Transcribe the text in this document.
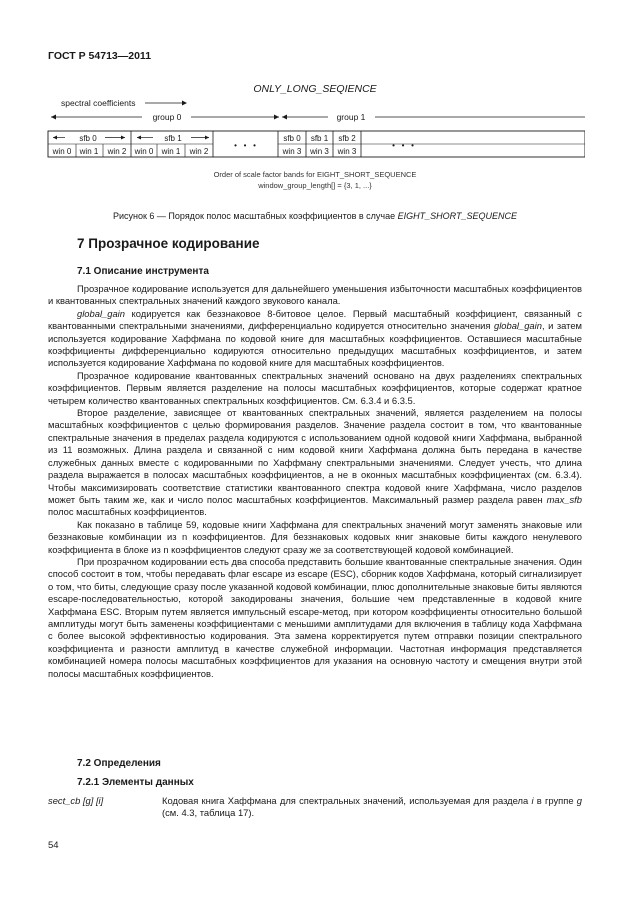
ГОСТ Р 54713—2011
ONLY_LONG_SEQIENCE
spectral coefficients
group 0	group 1
sfb 0	sfb 1
win 0 win 1 win 2 win 0 win 1 win 2
•   •   •	•   •   •
sfb 0 sfb 1 sfb 2
win 3 win 3 win 3
Order of scale factor bands for EIGHT_SHORT_SEQUENCE
window_group_length[] = {3, 1, ...}
Рисунок 6 — Порядок полос масштабных коэффициентов в случае EIGHT_SHORT_SEQUENCE
7 Прозрачное кодирование
7.1 Описание инструмента

Прозрачное кодирование используется для дальнейшего уменьшения избыточности масштабных коэффициентов и квантованных спектральных значений каждого звукового канала.

global_gain кодируется как беззнаковое 8-битовое целое. Первый масштабный коэффициент, связанный с квантованными спектральными значениями, дифференциально кодируется относительно значения global_gain, и затем используется кодирование Хаффмана по кодовой книге для масштабных коэффициентов. Оставшиеся масштабные коэффициенты дифференциально кодируются относительно предыдущих масштабных коэффициентов, и затем используется кодирование Хаффмана по кодовой книге для масштабных коэффициентов.

Прозрачное кодирование квантованных спектральных значений основано на двух разделениях спектральных коэффициентов. Первым является разделение на полосы масштабных коэффициентов, которые содержат кратное четырем количество квантованных спектральных коэффициентов. См. 6.3.4 и 6.3.5.

Второе разделение, зависящее от квантованных спектральных значений, является разделением на полосы масштабных коэффициентов с целью формирования разделов. Значение раздела состоит в том, что квантованные спектральные значения в пределах раздела кодируются с использованием одной кодовой книги Хаффмана, выбранной из 11 возможных. Длина раздела и связанной с ним кодовой книги Хаффмана должна быть передана в качестве служебных данных вместе с кодированными по Хаффману спектральными значениями. Следует учесть, что длина раздела выражается в полосах масштабных коэффициентов, а не в оконных масштабных коэффициентах (см. 6.3.4). Чтобы максимизировать соответствие статистики квантованного спектра кодовой книге Хаффмана, число разделов может быть таким же, как и число полос масштабных коэффициентов. Максимальный размер раздела равен max_sfb полос масштабных коэффициентов.

Как показано в таблице 59, кодовые книги Хаффмана для спектральных значений могут заменять знаковые или беззнаковые комбинации из n коэффициентов. Для беззнаковых кодовых книг знаковые биты каждого ненулевого коэффициента в блоке из n коэффициентов следуют сразу же за соответствующей кодовой комбинацией.

При прозрачном кодировании есть два способа представить большие квантованные спектральные значения. Один способ состоит в том, чтобы передавать флаг escape из escape (ESC), сборник кодов Хаффмана, который сигнализирует о том, что биты, следующие сразу после указанной кодовой комбинации, плюс дополнительные знаковые биты являются escape-последовательностью, которой закодированы значения, большие чем представленные в кодовой книге Хаффмана ESC. Вторым путем является импульсный escape-метод, при котором коэффициенты относительно большой амплитуды могут быть заменены коэффициентами с меньшими амплитудами для включения в таблицу кода Хаффмана с более высокой эффективностью кодирования. Эта замена корректируется путем отправки позиции спектрального коэффициента и разности амплитуд в качестве служебной информации. Частотная информация представляется комбинацией номера полосы масштабных коэффициентов для указания на основную частоту и смещения внутри этой полосы масштабных коэффициентов.

7.2 Определения
7.2.1 Элементы данных
sect_cb [g] [i]	Кодовая книга Хаффмана для спектральных значений, используемая для раздела i в группе g (см. 4.3, таблица 17).
54
